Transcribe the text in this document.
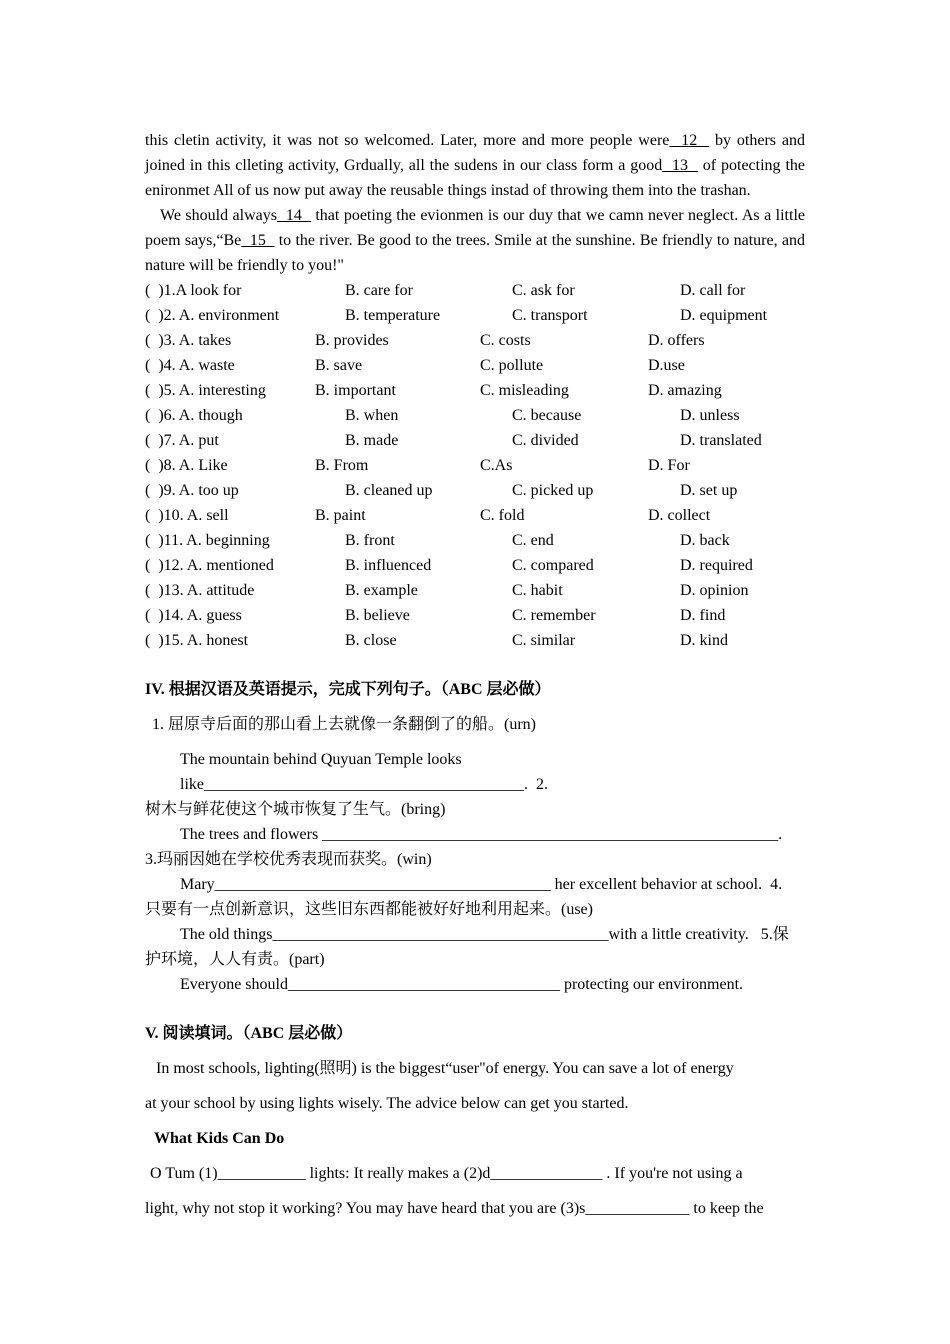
this cletin activity, it was not so welcomed. Later, more and more people were  12   by others and joined in this clleting activity, Grdually, all the sudens in our class form a good  13   of potecting the enironmet All of us now put away the reusable things instad of throwing them into the trashan.

We should always  14   that poeting the evionmen is our duy that we camn never neglect. As a little poem says,“Be  15   to the river. Be good to the trees. Smile at the sunshine. Be friendly to nature, and nature will be friendly to you!"

(  )1.A look for	B. care for	C. ask for	D. call for
(  )2. A. environment	B. temperature	C. transport	D. equipment
(  )3. A. takes	B. provides	C. costs	D. offers
(  )4. A. waste	B. save	C. pollute	D.use
(  )5. A. interesting	B. important	C. misleading	D. amazing
(  )6. A. though	B. when	C. because	D. unless
(  )7. A. put	B. made	C. divided	D. translated
(  )8. A. Like	B. From	C.As	D. For
(  )9. A. too up	B. cleaned up	C. picked up	D. set up
(  )10. A. sell	B. paint	C. fold	D. collect
(  )11. A. beginning	B. front	C. end	D. back
(  )12. A. mentioned	B. influenced	C. compared	D. required
(  )13. A. attitude	B. example	C. habit	D. opinion
(  )14. A. guess	B. believe	C. remember	D. find
(  )15. A. honest	B. close	C. similar	D. kind
IV. 根据汉语及英语提示，完成下列句子。（ABC 层必做）
1. 屈原寺后面的那山看上去就像一条翻倒了的船。(urn)
The mountain behind Quyuan Temple looks like________________________________________.  2.
树木与鲜花使这个城市恢复了生气。(bring)
The trees and flowers _________________________________________________________.
3.玛丽因她在学校优秀表现而获奖。(win)
Mary__________________________________________ her excellent behavior at school.  4.
只要有一点创新意识，这些旧东西都能被好好地利用起来。(use)
The old things__________________________________________with a little creativity.   5.保
护环境，人人有责。(part)
Everyone should__________________________________ protecting our environment.
V. 阅读填词。（ABC 层必做）
In most schools, lighting(照明) is the biggest“user"of energy. You can save a lot of energy
at your school by using lights wisely. The advice below can get you started.
What Kids Can Do
O Tum (1)___________ lights: It really makes a (2)d______________ . If you're not using a
light, why not stop it working? You may have heard that you are (3)s_____________ to keep the
